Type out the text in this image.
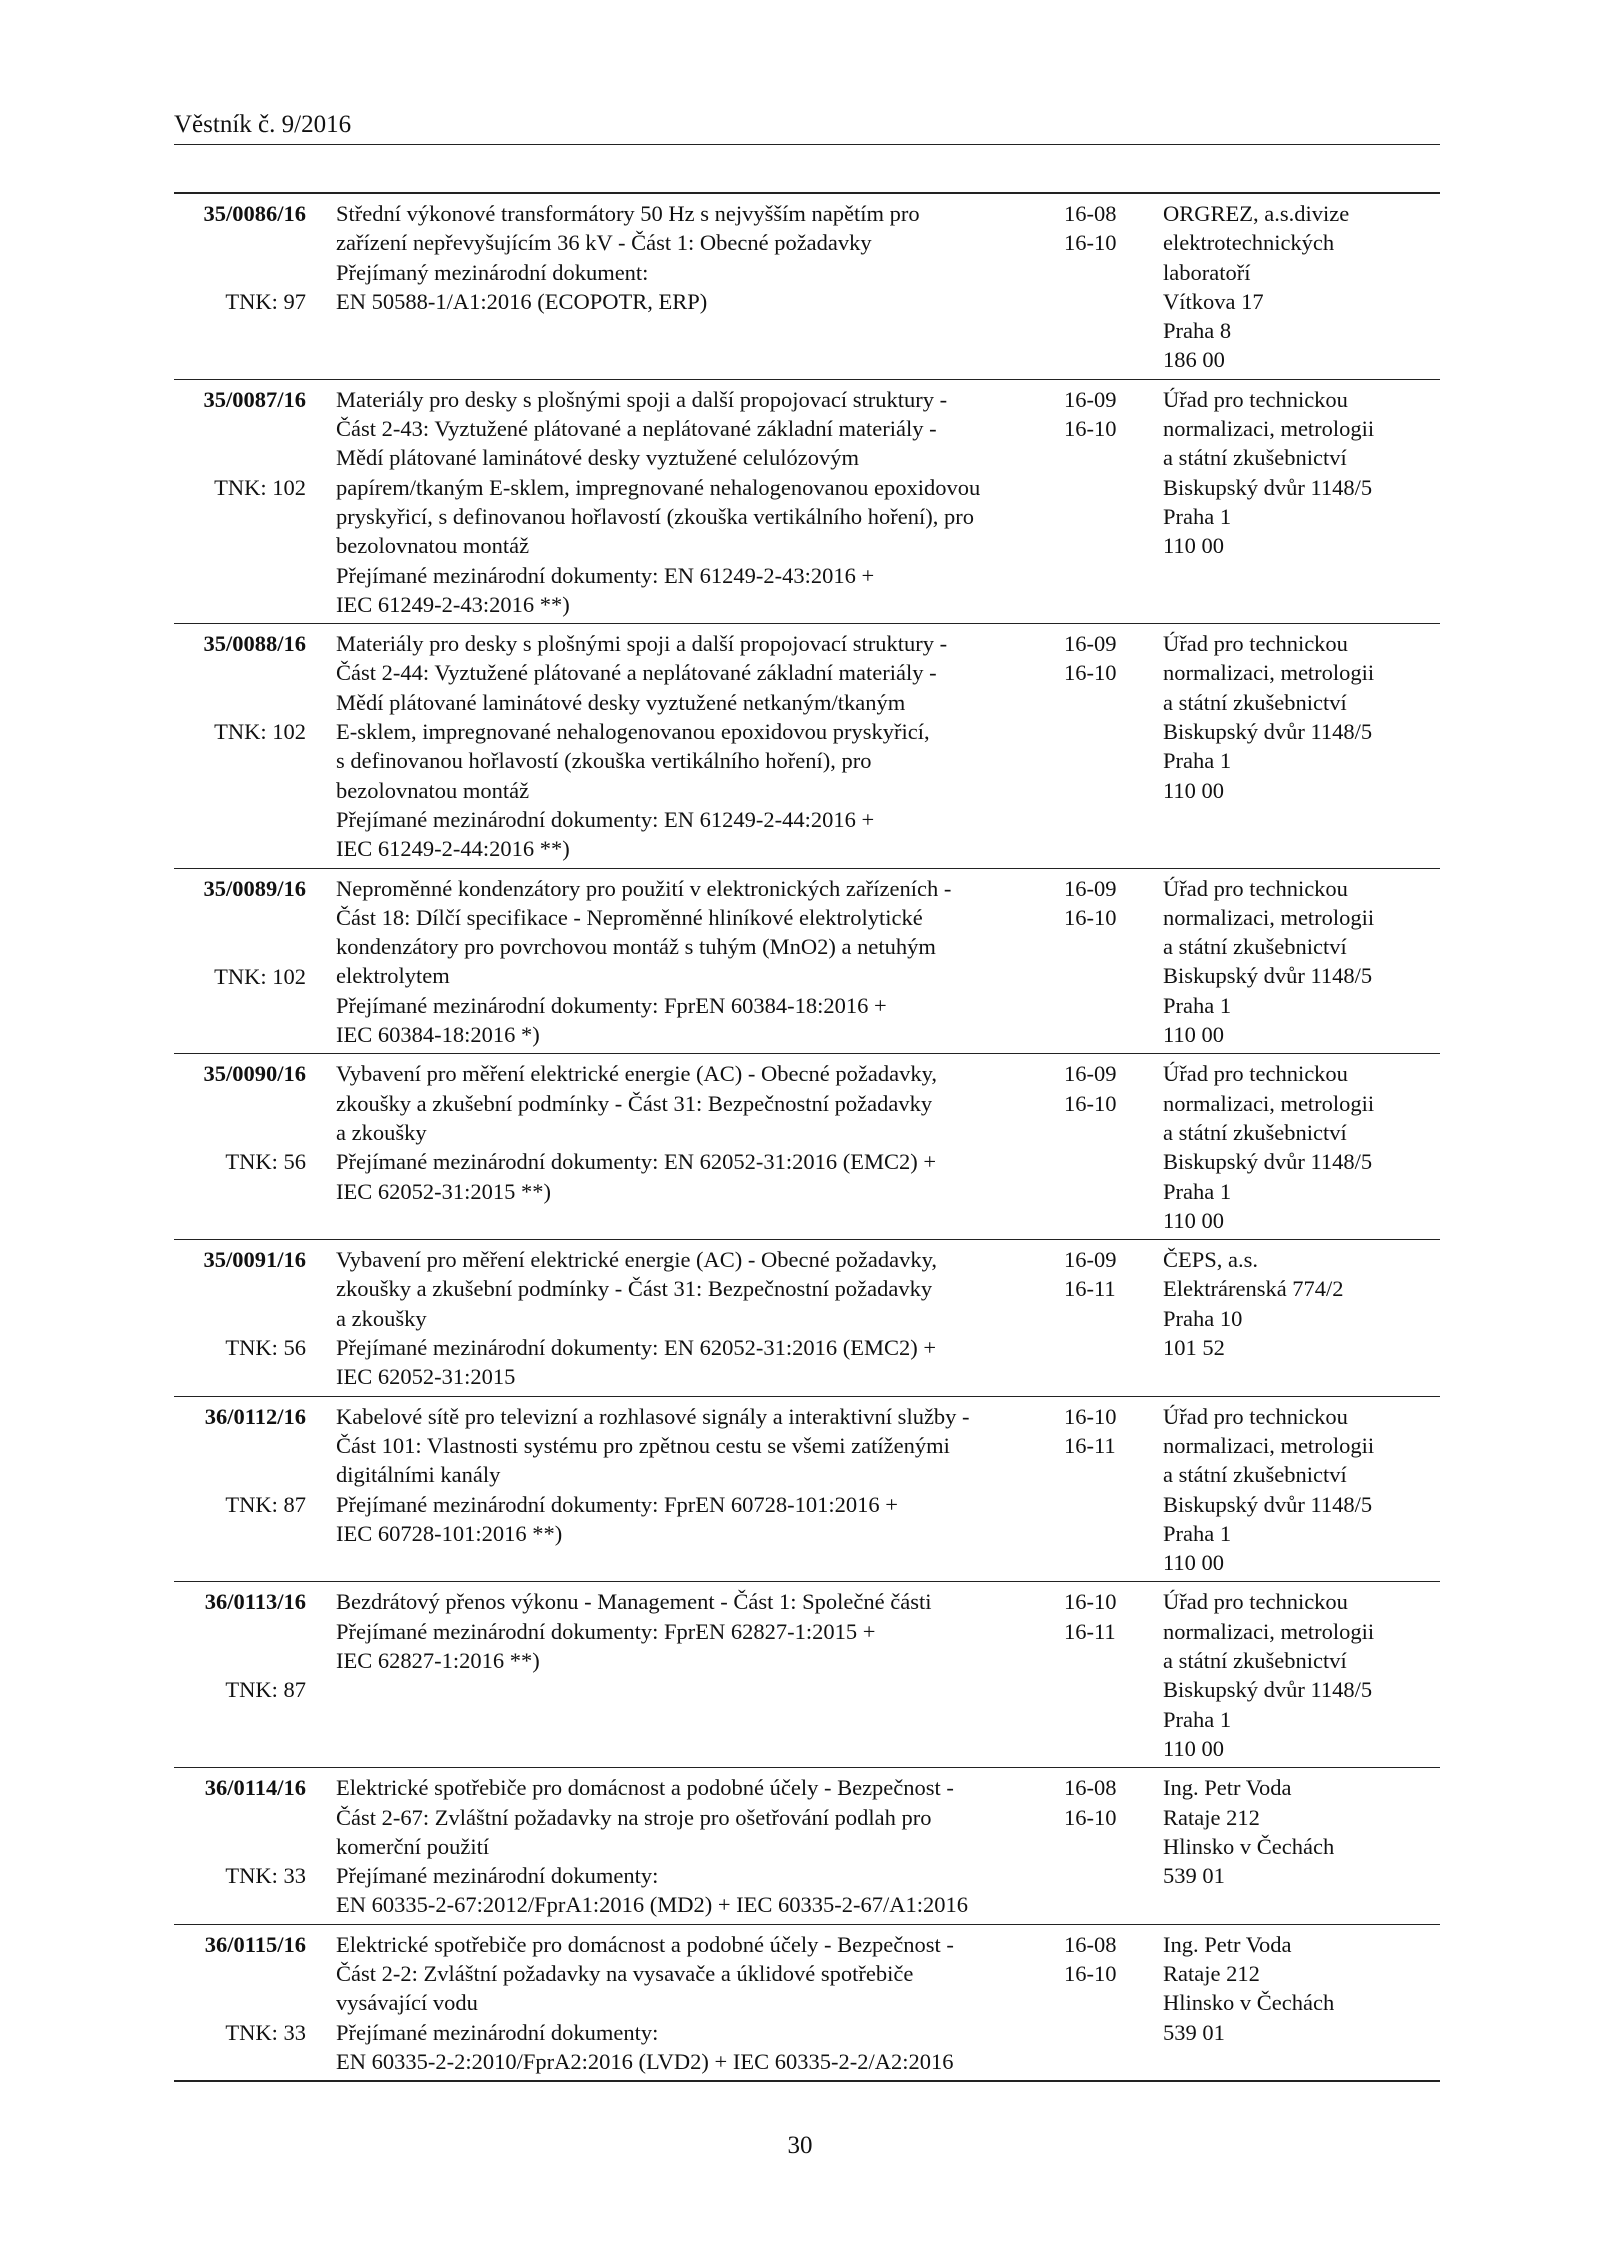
Věstník č. 9/2016
35/0086/16
TNK: 97
Střední výkonové transformátory 50 Hz s nejvyšším napětím pro
zařízení nepřevyšujícím 36 kV - Část 1: Obecné požadavky
Přejímaný mezinárodní dokument:
EN 50588-1/A1:2016 (ECOPOTR, ERP)
16-08
16-10
ORGREZ, a.s.divize
elektrotechnických
laboratoří
Vítkova 17
Praha 8
186 00
35/0087/16
TNK: 102
Materiály pro desky s plošnými spoji a další propojovací struktury -
Část 2-43: Vyztužené plátované a neplátované základní materiály -
Mědí plátované laminátové desky vyztužené celulózovým
papírem/tkaným E-sklem, impregnované nehalogenovanou epoxidovou
pryskyřicí, s definovanou hořlavostí (zkouška vertikálního hoření), pro
bezolovnatou montáž
Přejímané mezinárodní dokumenty: EN 61249-2-43:2016 +
IEC 61249-2-43:2016 **)
16-09
16-10
Úřad pro technickou
normalizaci, metrologii
a státní zkušebnictví
Biskupský dvůr 1148/5
Praha 1
110 00
35/0088/16
TNK: 102
Materiály pro desky s plošnými spoji a další propojovací struktury -
Část 2-44: Vyztužené plátované a neplátované základní materiály -
Mědí plátované laminátové desky vyztužené netkaným/tkaným
E-sklem, impregnované nehalogenovanou epoxidovou pryskyřicí,
s definovanou hořlavostí (zkouška vertikálního hoření), pro
bezolovnatou montáž
Přejímané mezinárodní dokumenty: EN 61249-2-44:2016 +
IEC 61249-2-44:2016 **)
16-09
16-10
Úřad pro technickou
normalizaci, metrologii
a státní zkušebnictví
Biskupský dvůr 1148/5
Praha 1
110 00
35/0089/16
TNK: 102
Neproměnné kondenzátory pro použití v elektronických zařízeních -
Část 18: Dílčí specifikace - Neproměnné hliníkové elektrolytické
kondenzátory pro povrchovou montáž s tuhým (MnO2) a netuhým
elektrolytem
Přejímané mezinárodní dokumenty: FprEN 60384-18:2016 +
IEC 60384-18:2016 *)
16-09
16-10
Úřad pro technickou
normalizaci, metrologii
a státní zkušebnictví
Biskupský dvůr 1148/5
Praha 1
110 00
35/0090/16
TNK: 56
Vybavení pro měření elektrické energie (AC) - Obecné požadavky,
zkoušky a zkušební podmínky - Část 31: Bezpečnostní požadavky
a zkoušky
Přejímané mezinárodní dokumenty: EN 62052-31:2016 (EMC2) +
IEC 62052-31:2015 **)
16-09
16-10
Úřad pro technickou
normalizaci, metrologii
a státní zkušebnictví
Biskupský dvůr 1148/5
Praha 1
110 00
35/0091/16
TNK: 56
Vybavení pro měření elektrické energie (AC) - Obecné požadavky,
zkoušky a zkušební podmínky - Část 31: Bezpečnostní požadavky
a zkoušky
Přejímané mezinárodní dokumenty: EN 62052-31:2016 (EMC2) +
IEC 62052-31:2015
16-09
16-11
ČEPS, a.s.
Elektrárenská 774/2
Praha 10
101 52
36/0112/16
TNK: 87
Kabelové sítě pro televizní a rozhlasové signály a interaktivní služby -
Část 101: Vlastnosti systému pro zpětnou cestu se všemi zatíženými
digitálními kanály
Přejímané mezinárodní dokumenty: FprEN 60728-101:2016 +
IEC 60728-101:2016 **)
16-10
16-11
Úřad pro technickou
normalizaci, metrologii
a státní zkušebnictví
Biskupský dvůr 1148/5
Praha 1
110 00
36/0113/16
TNK: 87
Bezdrátový přenos výkonu - Management - Část 1: Společné části
Přejímané mezinárodní dokumenty: FprEN 62827-1:2015 +
IEC 62827-1:2016 **)
16-10
16-11
Úřad pro technickou
normalizaci, metrologii
a státní zkušebnictví
Biskupský dvůr 1148/5
Praha 1
110 00
36/0114/16
TNK: 33
Elektrické spotřebiče pro domácnost a podobné účely - Bezpečnost -
Část 2-67: Zvláštní požadavky na stroje pro ošetřování podlah pro
komerční použití
Přejímané mezinárodní dokumenty:
EN 60335-2-67:2012/FprA1:2016 (MD2) + IEC 60335-2-67/A1:2016
16-08
16-10
Ing. Petr Voda
Rataje 212
Hlinsko v Čechách
539 01
36/0115/16
TNK: 33
Elektrické spotřebiče pro domácnost a podobné účely - Bezpečnost -
Část 2-2: Zvláštní požadavky na vysavače a úklidové spotřebiče
vysávající vodu
Přejímané mezinárodní dokumenty:
EN 60335-2-2:2010/FprA2:2016 (LVD2) + IEC 60335-2-2/A2:2016
16-08
16-10
Ing. Petr Voda
Rataje 212
Hlinsko v Čechách
539 01
30
